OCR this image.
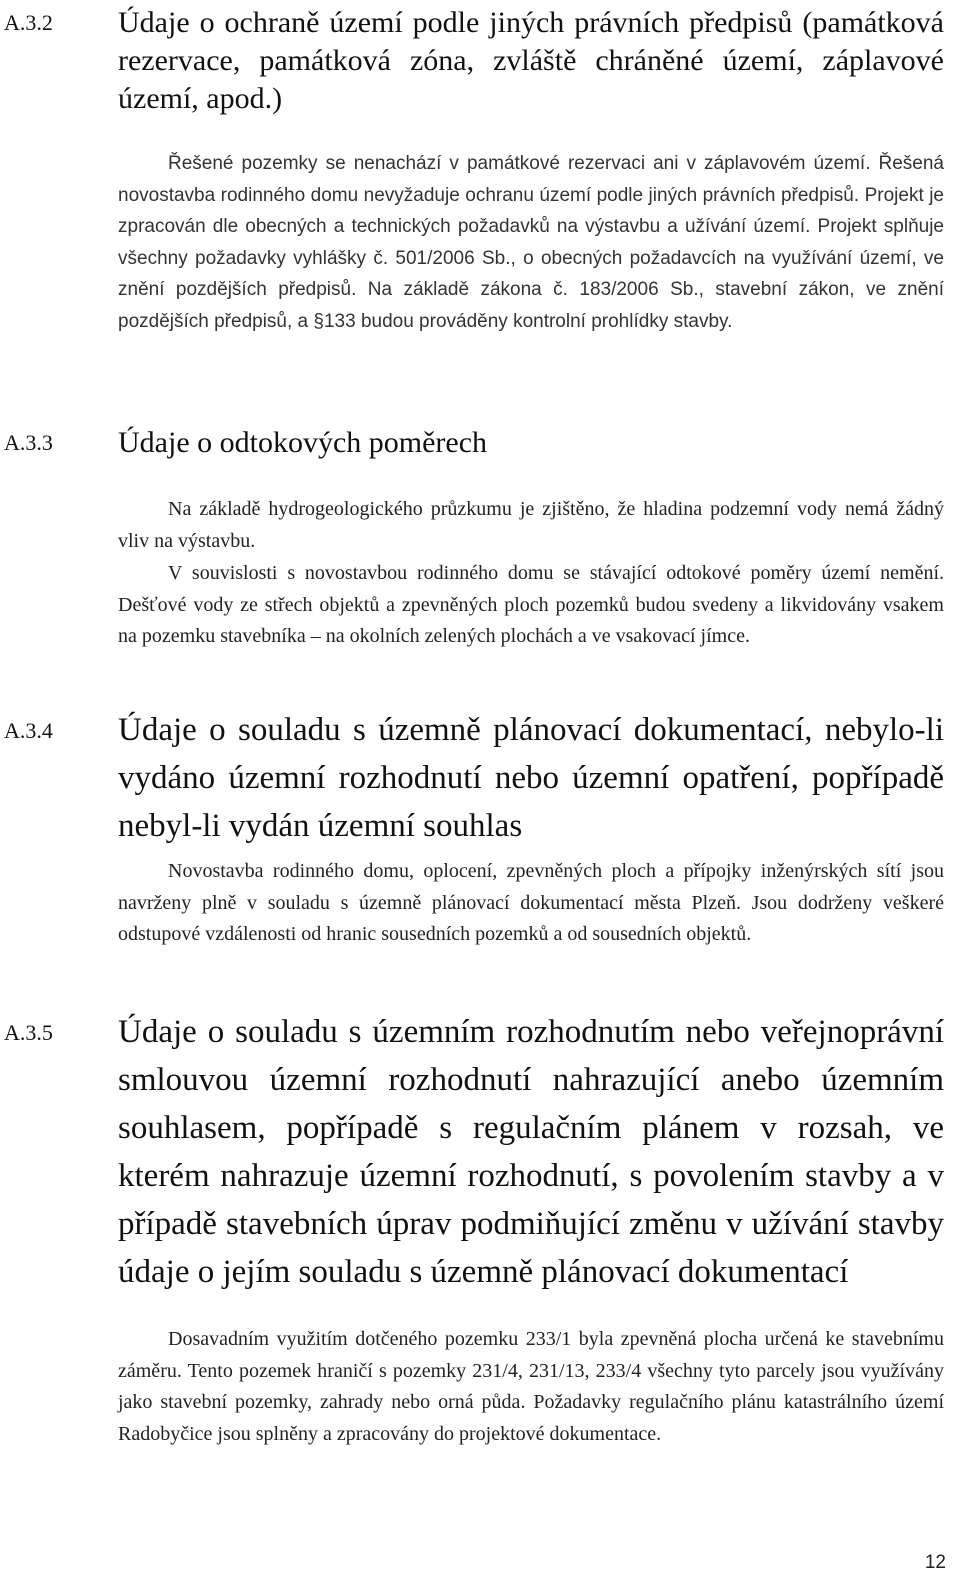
A.3.2	Údaje o ochraně území podle jiných právních předpisů (památková rezervace, památková zóna, zvláště chráněné území, záplavové území, apod.)
Řešené pozemky se nenachází v památkové rezervaci ani v záplavovém území. Řešená novostavba rodinného domu nevyžaduje ochranu území podle jiných právních předpisů. Projekt je zpracován dle obecných a technických požadavků na výstavbu a užívání území. Projekt splňuje všechny požadavky vyhlášky č. 501/2006 Sb., o obecných požadavcích na využívání území, ve znění pozdějších předpisů. Na základě zákona č. 183/2006 Sb., stavební zákon, ve znění pozdějších předpisů, a §133 budou prováděny kontrolní prohlídky stavby.
A.3.3	Údaje o odtokových poměrech
Na základě hydrogeologického průzkumu je zjištěno, že hladina podzemní vody nemá žádný vliv na výstavbu.
V souvislosti s novostavbou rodinného domu se stávající odtokové poměry území nemění. Dešťové vody ze střech objektů a zpevněných ploch pozemků budou svedeny a likvidovány vsakem na pozemku stavebníka – na okolních zelených plochách a ve vsakovací jímce.
A.3.4	Údaje o souladu s územně plánovací dokumentací, nebylo-li vydáno územní rozhodnutí nebo územní opatření, popřípadě nebyl-li vydán územní souhlas
Novostavba rodinného domu, oplocení, zpevněných ploch a přípojky inženýrských sítí jsou navrženy plně v souladu s územně plánovací dokumentací města Plzeň. Jsou dodrženy veškeré odstupové vzdálenosti od hranic sousedních pozemků a od sousedních objektů.
A.3.5	Údaje o souladu s územním rozhodnutím nebo veřejnoprávní smlouvou územní rozhodnutí nahrazující anebo územním souhlasem, popřípadě s regulačním plánem v rozsah, ve kterém nahrazuje územní rozhodnutí, s povolením stavby a v případě stavebních úprav podmiňující změnu v užívání stavby údaje o jejím souladu s územně plánovací dokumentací
Dosavadním využitím dotčeného pozemku 233/1 byla zpevněná plocha určená ke stavebnímu záměru. Tento pozemek hraničí s pozemky 231/4, 231/13, 233/4 všechny tyto parcely jsou využívány jako stavební pozemky, zahrady nebo orná půda. Požadavky regulačního plánu katastrálního území Radobyčice jsou splněny a zpracovány do projektové dokumentace.
12
